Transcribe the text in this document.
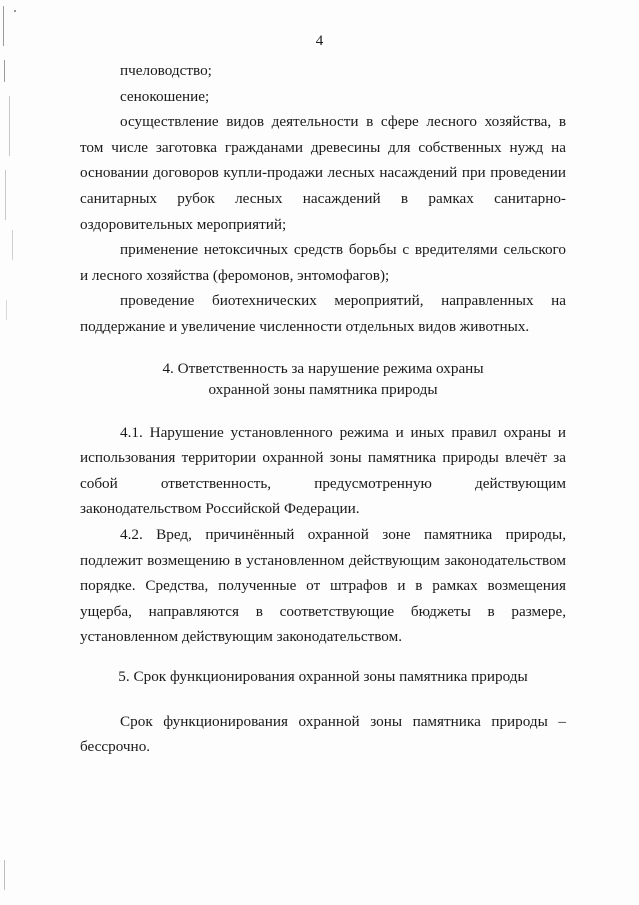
4

пчеловодство;

сенокошение;

осуществление видов деятельности в сфере лесного хозяйства, в том числе заготовка гражданами древесины для собственных нужд на основании договоров купли-продажи лесных насаждений при проведении санитарных рубок лесных насаждений в рамках санитарно-оздоровительных мероприятий;

применение нетоксичных средств борьбы с вредителями сельского и лесного хозяйства (феромонов, энтомофагов);

проведение биотехнических мероприятий, направленных на поддержание и увеличение численности отдельных видов животных.

4. Ответственность за нарушение режима охраны
охранной зоны памятника природы

4.1. Нарушение установленного режима и иных правил охраны и использования территории охранной зоны памятника природы влечёт за собой ответственность, предусмотренную действующим законодательством Российской Федерации.

4.2. Вред, причинённый охранной зоне памятника природы, подлежит возмещению в установленном действующим законодательством порядке. Средства, полученные от штрафов и в рамках возмещения ущерба, направляются в соответствующие бюджеты в размере, установленном действующим законодательством.

5. Срок функционирования охранной зоны памятника природы

Срок функционирования охранной зоны памятника природы – бессрочно.
